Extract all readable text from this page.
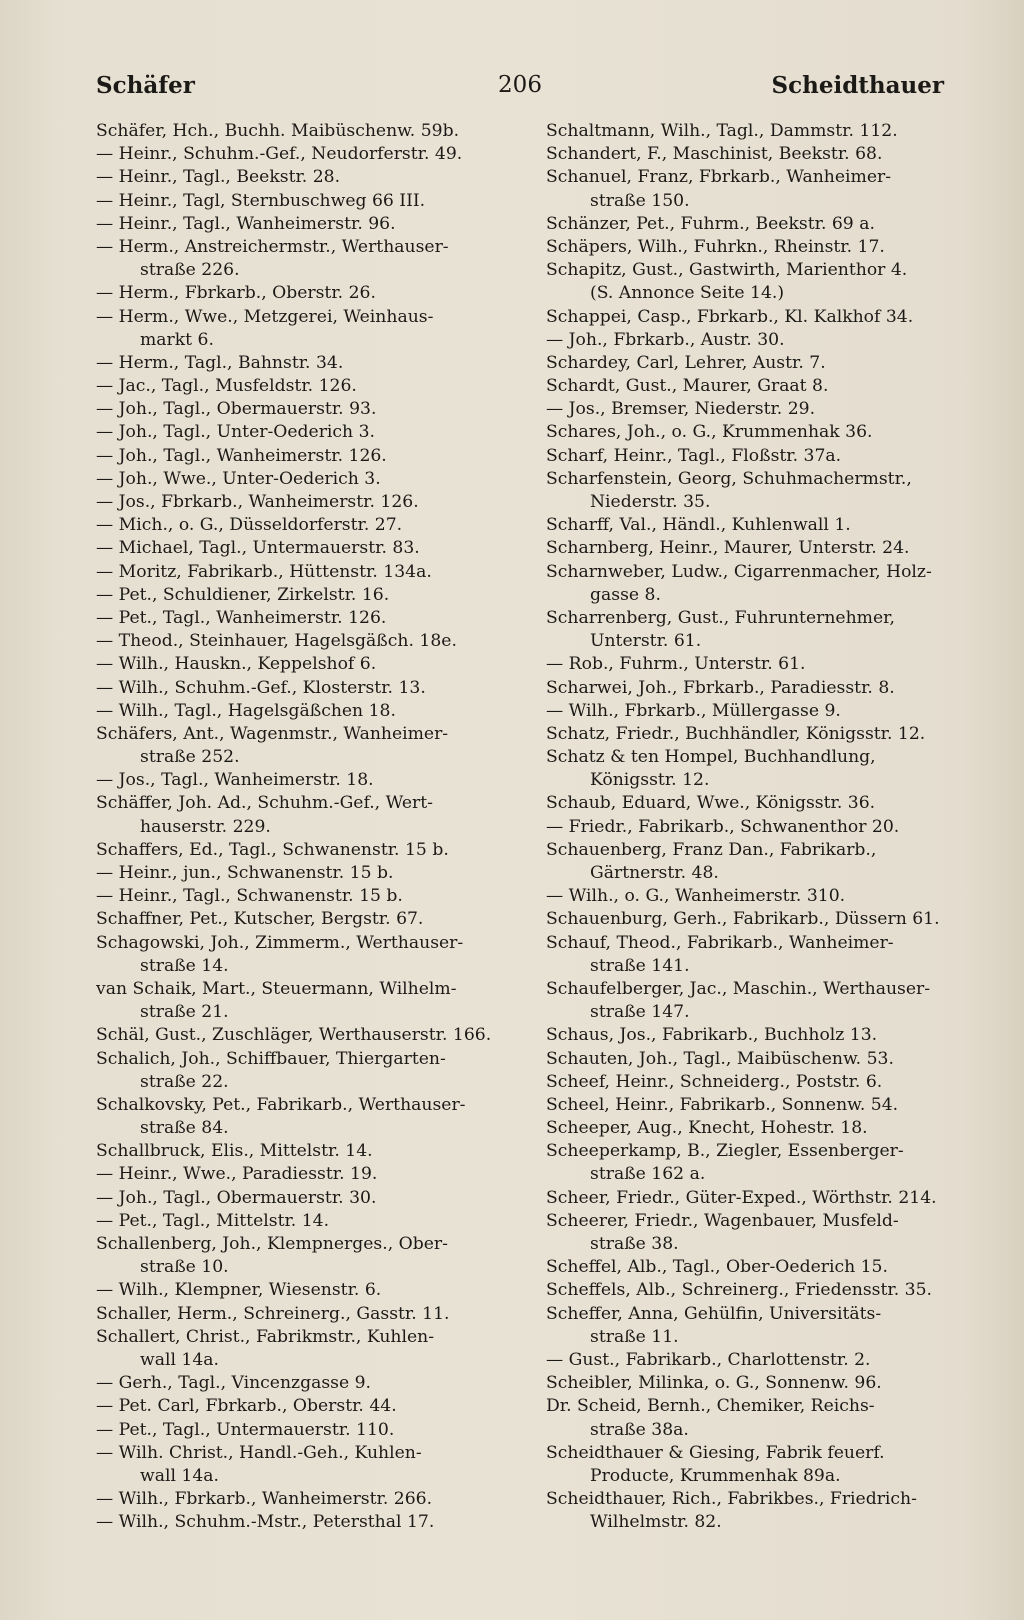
Schäfer	206	Scheidthauer
Schäfer, Hch., Buchh. Maibüschenw. 59b.
— Heinr., Schuhm.-Gef., Neudorferstr. 49.
— Heinr., Tagl., Beekstr. 28.
— Heinr., Tagl, Sternbuschweg 66 III.
— Heinr., Tagl., Wanheimerstr. 96.
— Herm., Anstreichermstr., Werthauser-
straße 226.
— Herm., Fbrkarb., Oberstr. 26.
— Herm., Wwe., Metzgerei, Weinhaus-
markt 6.
— Herm., Tagl., Bahnstr. 34.
— Jac., Tagl., Musfeldstr. 126.
— Joh., Tagl., Obermauerstr. 93.
— Joh., Tagl., Unter-Oederich 3.
— Joh., Tagl., Wanheimerstr. 126.
— Joh., Wwe., Unter-Oederich 3.
— Jos., Fbrkarb., Wanheimerstr. 126.
— Mich., o. G., Düsseldorferstr. 27.
— Michael, Tagl., Untermauerstr. 83.
— Moritz, Fabrikarb., Hüttenstr. 134a.
— Pet., Schuldiener, Zirkelstr. 16.
— Pet., Tagl., Wanheimerstr. 126.
— Theod., Steinhauer, Hagelsgäßch. 18e.
— Wilh., Hauskn., Keppelshof 6.
— Wilh., Schuhm.-Gef., Klosterstr. 13.
— Wilh., Tagl., Hagelsgäßchen 18.
Schäfers, Ant., Wagenmstr., Wanheimer-
straße 252.
— Jos., Tagl., Wanheimerstr. 18.
Schäffer, Joh. Ad., Schuhm.-Gef., Wert-
hauserstr. 229.
Schaffers, Ed., Tagl., Schwanenstr. 15 b.
— Heinr., jun., Schwanenstr. 15 b.
— Heinr., Tagl., Schwanenstr. 15 b.
Schaffner, Pet., Kutscher, Bergstr. 67.
Schagowski, Joh., Zimmerm., Werthauser-
straße 14.
van Schaik, Mart., Steuermann, Wilhelm-
straße 21.
Schäl, Gust., Zuschläger, Werthauserstr. 166.
Schalich, Joh., Schiffbauer, Thiergarten-
straße 22.
Schalkovsky, Pet., Fabrikarb., Werthauser-
straße 84.
Schallbruck, Elis., Mittelstr. 14.
— Heinr., Wwe., Paradiesstr. 19.
— Joh., Tagl., Obermauerstr. 30.
— Pet., Tagl., Mittelstr. 14.
Schallenberg, Joh., Klempnerges., Ober-
straße 10.
— Wilh., Klempner, Wiesenstr. 6.
Schaller, Herm., Schreinerg., Gasstr. 11.
Schallert, Christ., Fabrikmstr., Kuhlen-
wall 14a.
— Gerh., Tagl., Vincenzgasse 9.
— Pet. Carl, Fbrkarb., Oberstr. 44.
— Pet., Tagl., Untermauerstr. 110.
— Wilh. Christ., Handl.-Geh., Kuhlen-
wall 14a.
— Wilh., Fbrkarb., Wanheimerstr. 266.
— Wilh., Schuhm.-Mstr., Petersthal 17.
Schaltmann, Wilh., Tagl., Dammstr. 112.
Schandert, F., Maschinist, Beekstr. 68.
Schanuel, Franz, Fbrkarb., Wanheimer-
straße 150.
Schänzer, Pet., Fuhrm., Beekstr. 69 a.
Schäpers, Wilh., Fuhrkn., Rheinstr. 17.
Schapitz, Gust., Gastwirth, Marienthor 4.
(S. Annonce Seite 14.)
Schappei, Casp., Fbrkarb., Kl. Kalkhof 34.
— Joh., Fbrkarb., Austr. 30.
Schardey, Carl, Lehrer, Austr. 7.
Schardt, Gust., Maurer, Graat 8.
— Jos., Bremser, Niederstr. 29.
Schares, Joh., o. G., Krummenhak 36.
Scharf, Heinr., Tagl., Floßstr. 37a.
Scharfenstein, Georg, Schuhmachermstr.,
Niederstr. 35.
Scharff, Val., Händl., Kuhlenwall 1.
Scharnberg, Heinr., Maurer, Unterstr. 24.
Scharnweber, Ludw., Cigarrenmacher, Holz-
gasse 8.
Scharrenberg, Gust., Fuhrunternehmer,
Unterstr. 61.
— Rob., Fuhrm., Unterstr. 61.
Scharwei, Joh., Fbrkarb., Paradiesstr. 8.
— Wilh., Fbrkarb., Müllergasse 9.
Schatz, Friedr., Buchhändler, Königsstr. 12.
Schatz & ten Hompel, Buchhandlung,
Königsstr. 12.
Schaub, Eduard, Wwe., Königsstr. 36.
— Friedr., Fabrikarb., Schwanenthor 20.
Schauenberg, Franz Dan., Fabrikarb.,
Gärtnerstr. 48.
— Wilh., o. G., Wanheimerstr. 310.
Schauenburg, Gerh., Fabrikarb., Düssern 61.
Schauf, Theod., Fabrikarb., Wanheimer-
straße 141.
Schaufelberger, Jac., Maschin., Werthauser-
straße 147.
Schaus, Jos., Fabrikarb., Buchholz 13.
Schauten, Joh., Tagl., Maibüschenw. 53.
Scheef, Heinr., Schneiderg., Poststr. 6.
Scheel, Heinr., Fabrikarb., Sonnenw. 54.
Scheeper, Aug., Knecht, Hohestr. 18.
Scheeperkamp, B., Ziegler, Essenberger-
straße 162 a.
Scheer, Friedr., Güter-Exped., Wörthstr. 214.
Scheerer, Friedr., Wagenbauer, Musfeld-
straße 38.
Scheffel, Alb., Tagl., Ober-Oederich 15.
Scheffels, Alb., Schreinerg., Friedensstr. 35.
Scheffer, Anna, Gehülfin, Universitäts-
straße 11.
— Gust., Fabrikarb., Charlottenstr. 2.
Scheibler, Milinka, o. G., Sonnenw. 96.
Dr. Scheid, Bernh., Chemiker, Reichs-
straße 38a.
Scheidthauer & Giesing, Fabrik feuerf.
Producte, Krummenhak 89a.
Scheidthauer, Rich., Fabrikbes., Friedrich-
Wilhelmstr. 82.
